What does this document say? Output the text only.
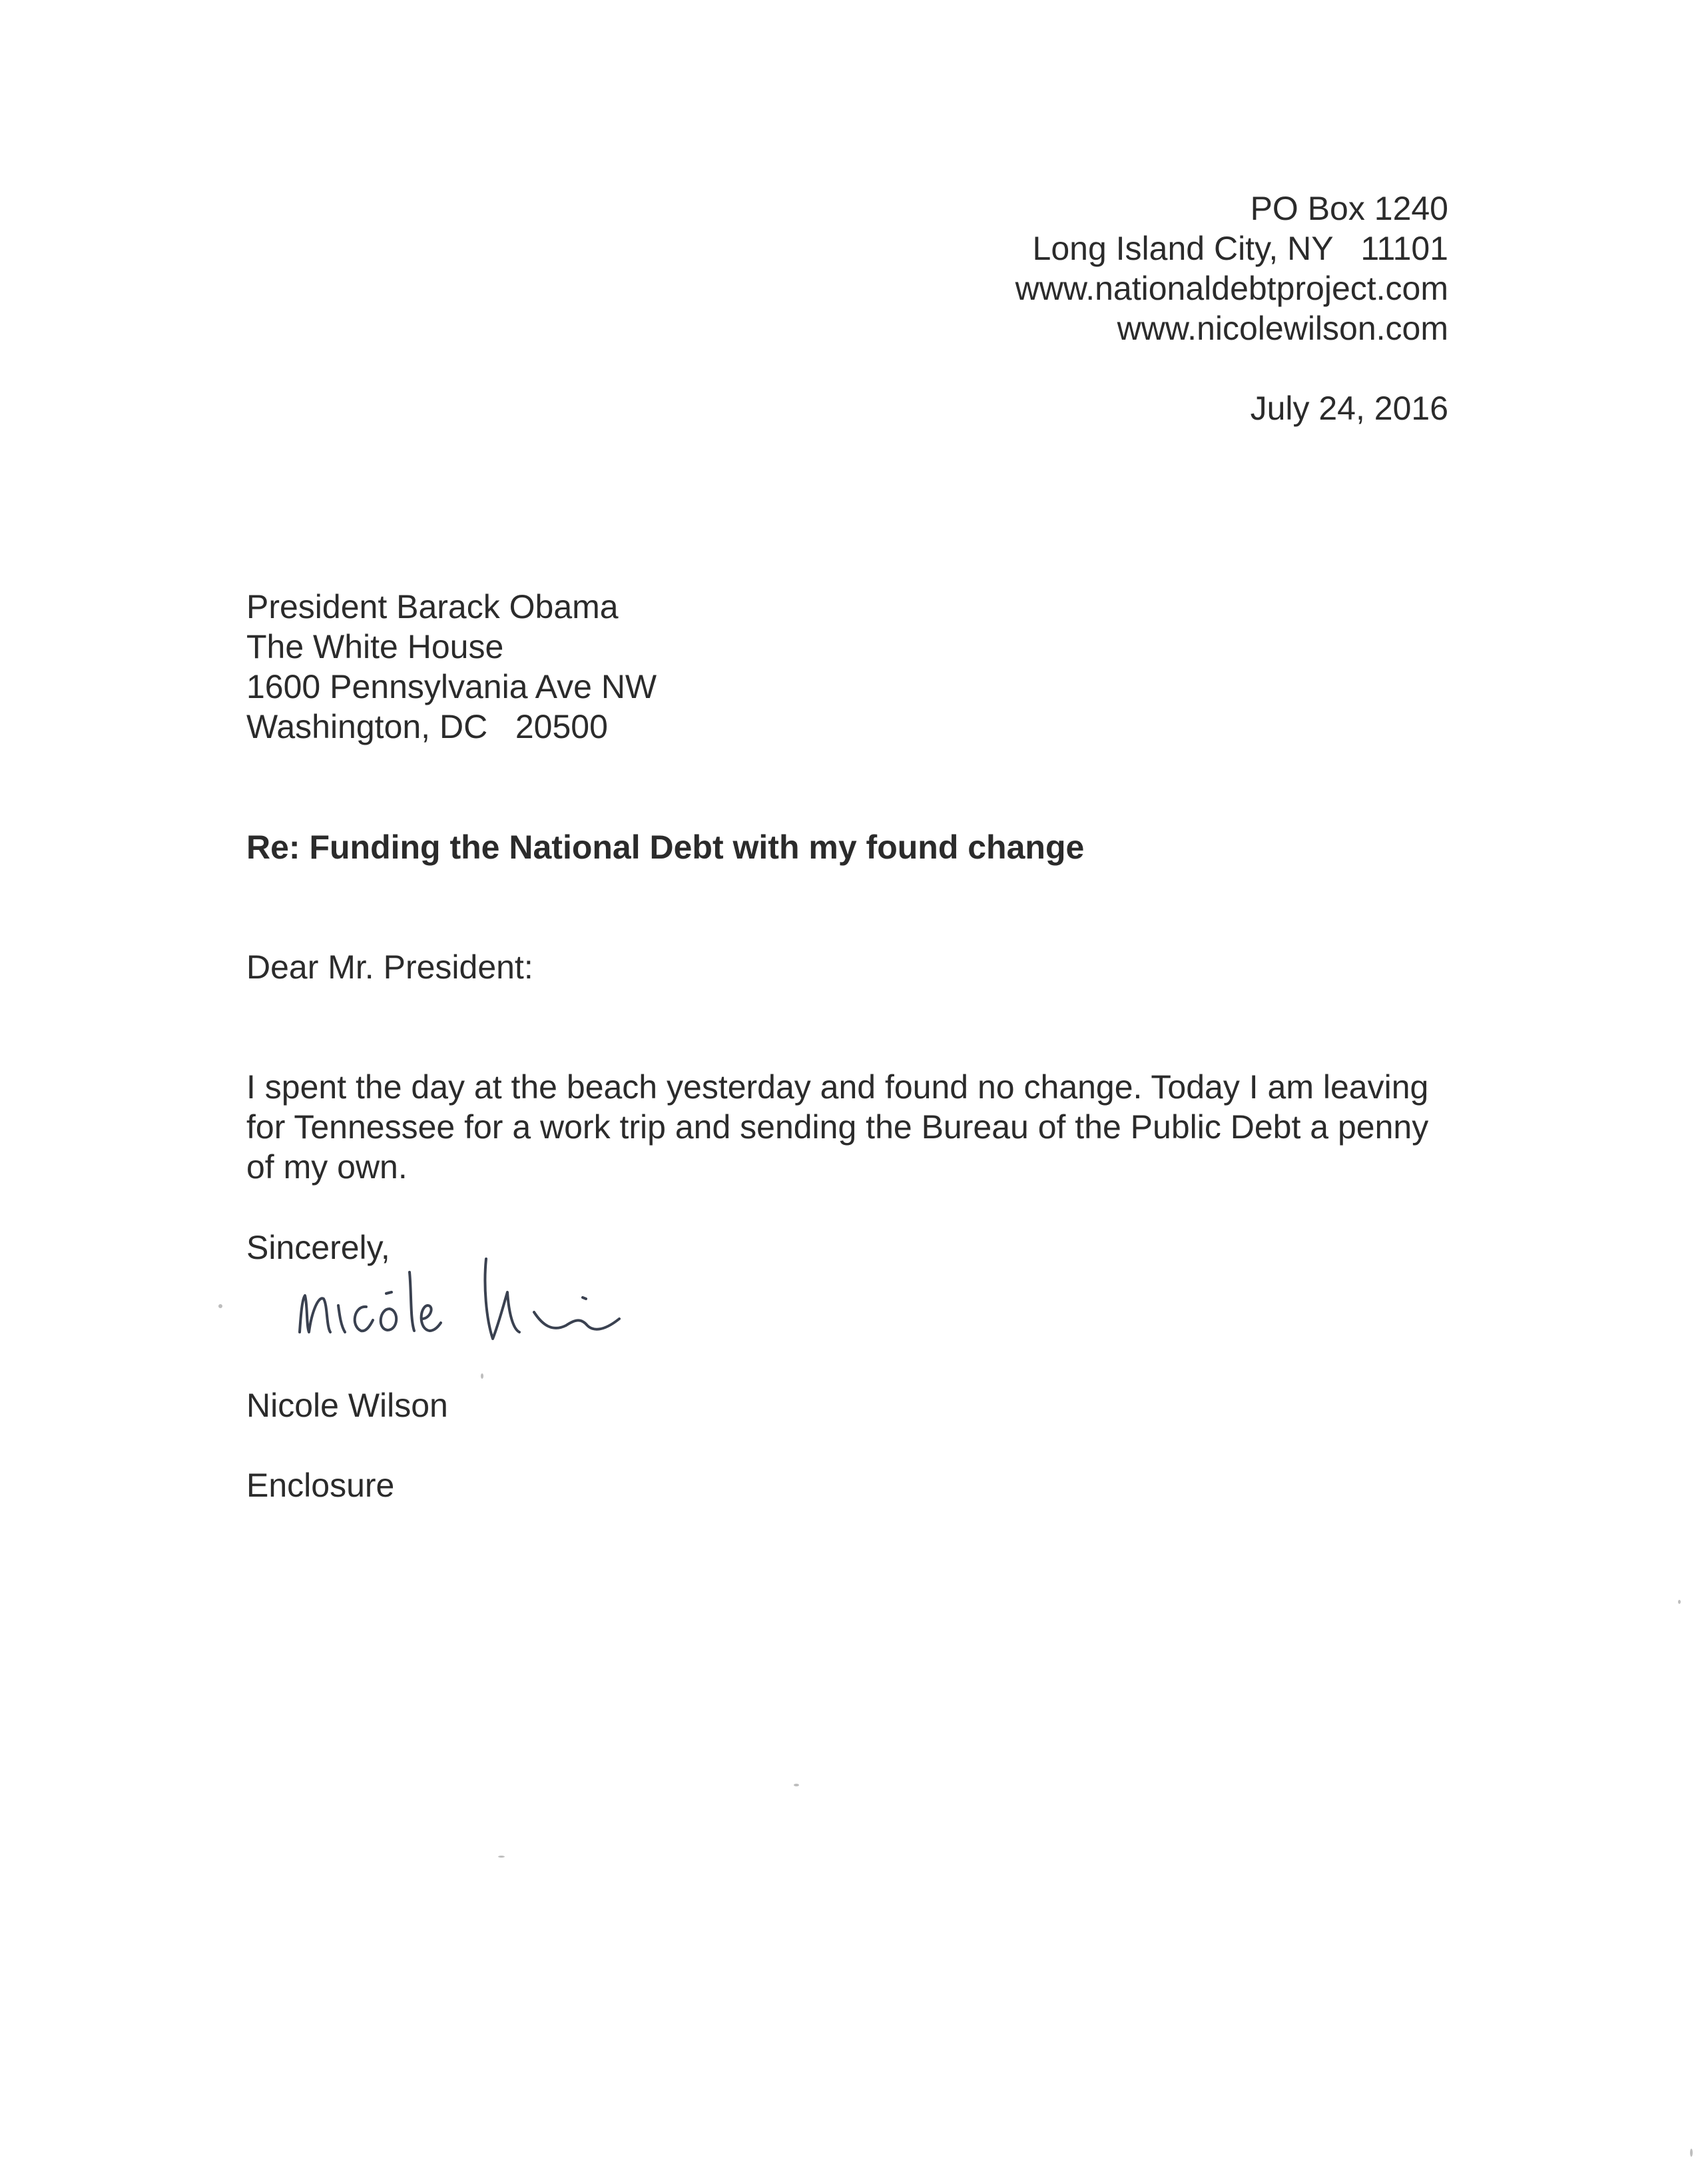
PO Box 1240
Long Island City, NY   11101
www.nationaldebtproject.com
www.nicolewilson.com
July 24, 2016
President Barack Obama
The White House
1600 Pennsylvania Ave NW
Washington, DC   20500
Re: Funding the National Debt with my found change
Dear Mr. President:
I spent the day at the beach yesterday and found no change. Today I am leaving
for Tennessee for a work trip and sending the Bureau of the Public Debt a penny
of my own.
Sincerely,
Nicole Wilson
Enclosure
